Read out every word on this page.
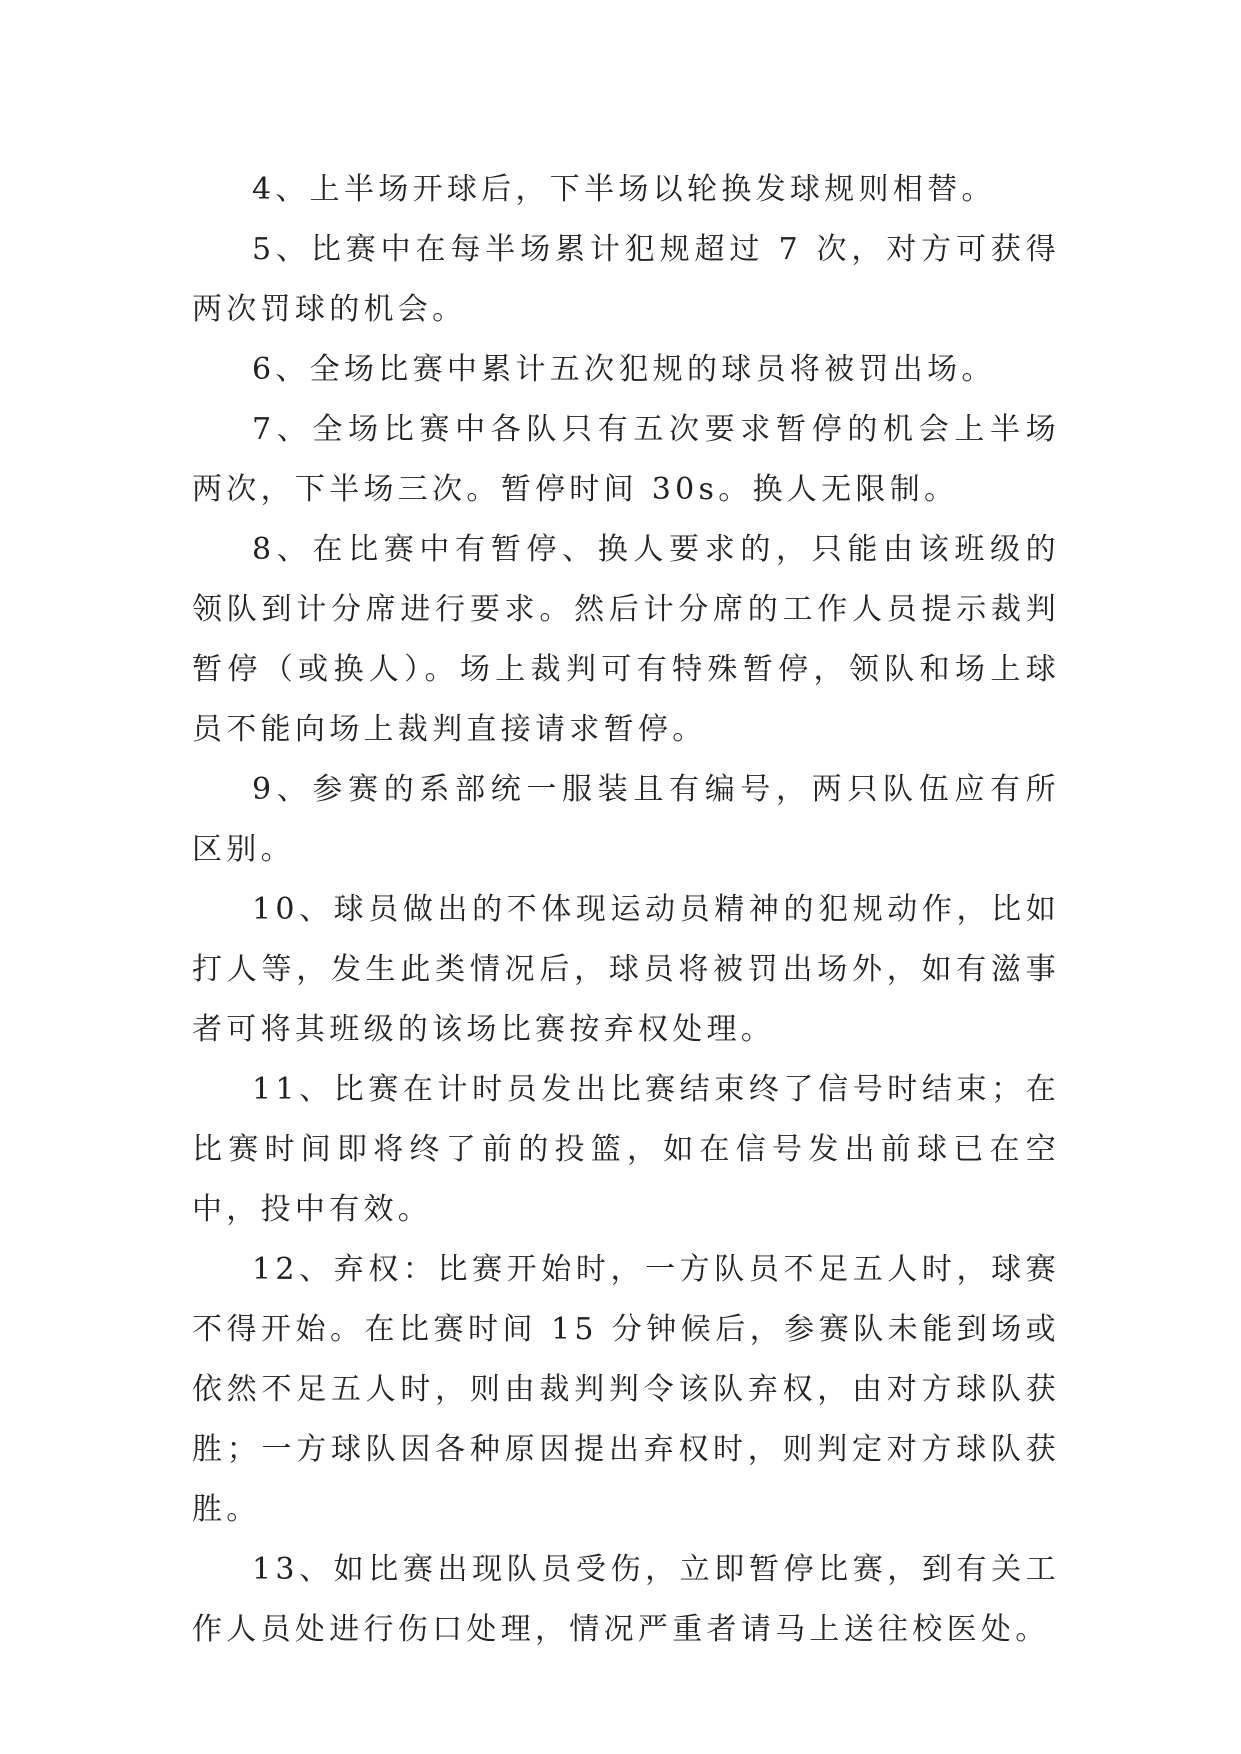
4、上半场开球后，下半场以轮换发球规则相替。

5、比赛中在每半场累计犯规超过 7 次，对方可获得两次罚球的机会。

6、全场比赛中累计五次犯规的球员将被罚出场。

7、全场比赛中各队只有五次要求暂停的机会上半场两次，下半场三次。暂停时间 30s。换人无限制。

8、在比赛中有暂停、换人要求的，只能由该班级的领队到计分席进行要求。然后计分席的工作人员提示裁判暂停（或换人）。场上裁判可有特殊暂停，领队和场上球员不能向场上裁判直接请求暂停。

9、参赛的系部统一服装且有编号，两只队伍应有所区别。

10、球员做出的不体现运动员精神的犯规动作，比如打人等，发生此类情况后，球员将被罚出场外，如有滋事者可将其班级的该场比赛按弃权处理。

11、比赛在计时员发出比赛结束终了信号时结束；在比赛时间即将终了前的投篮，如在信号发出前球已在空中，投中有效。

12、弃权：比赛开始时，一方队员不足五人时，球赛不得开始。在比赛时间 15 分钟候后，参赛队未能到场或依然不足五人时，则由裁判判令该队弃权，由对方球队获胜；一方球队因各种原因提出弃权时，则判定对方球队获胜。

13、如比赛出现队员受伤，立即暂停比赛，到有关工作人员处进行伤口处理，情况严重者请马上送往校医处。
